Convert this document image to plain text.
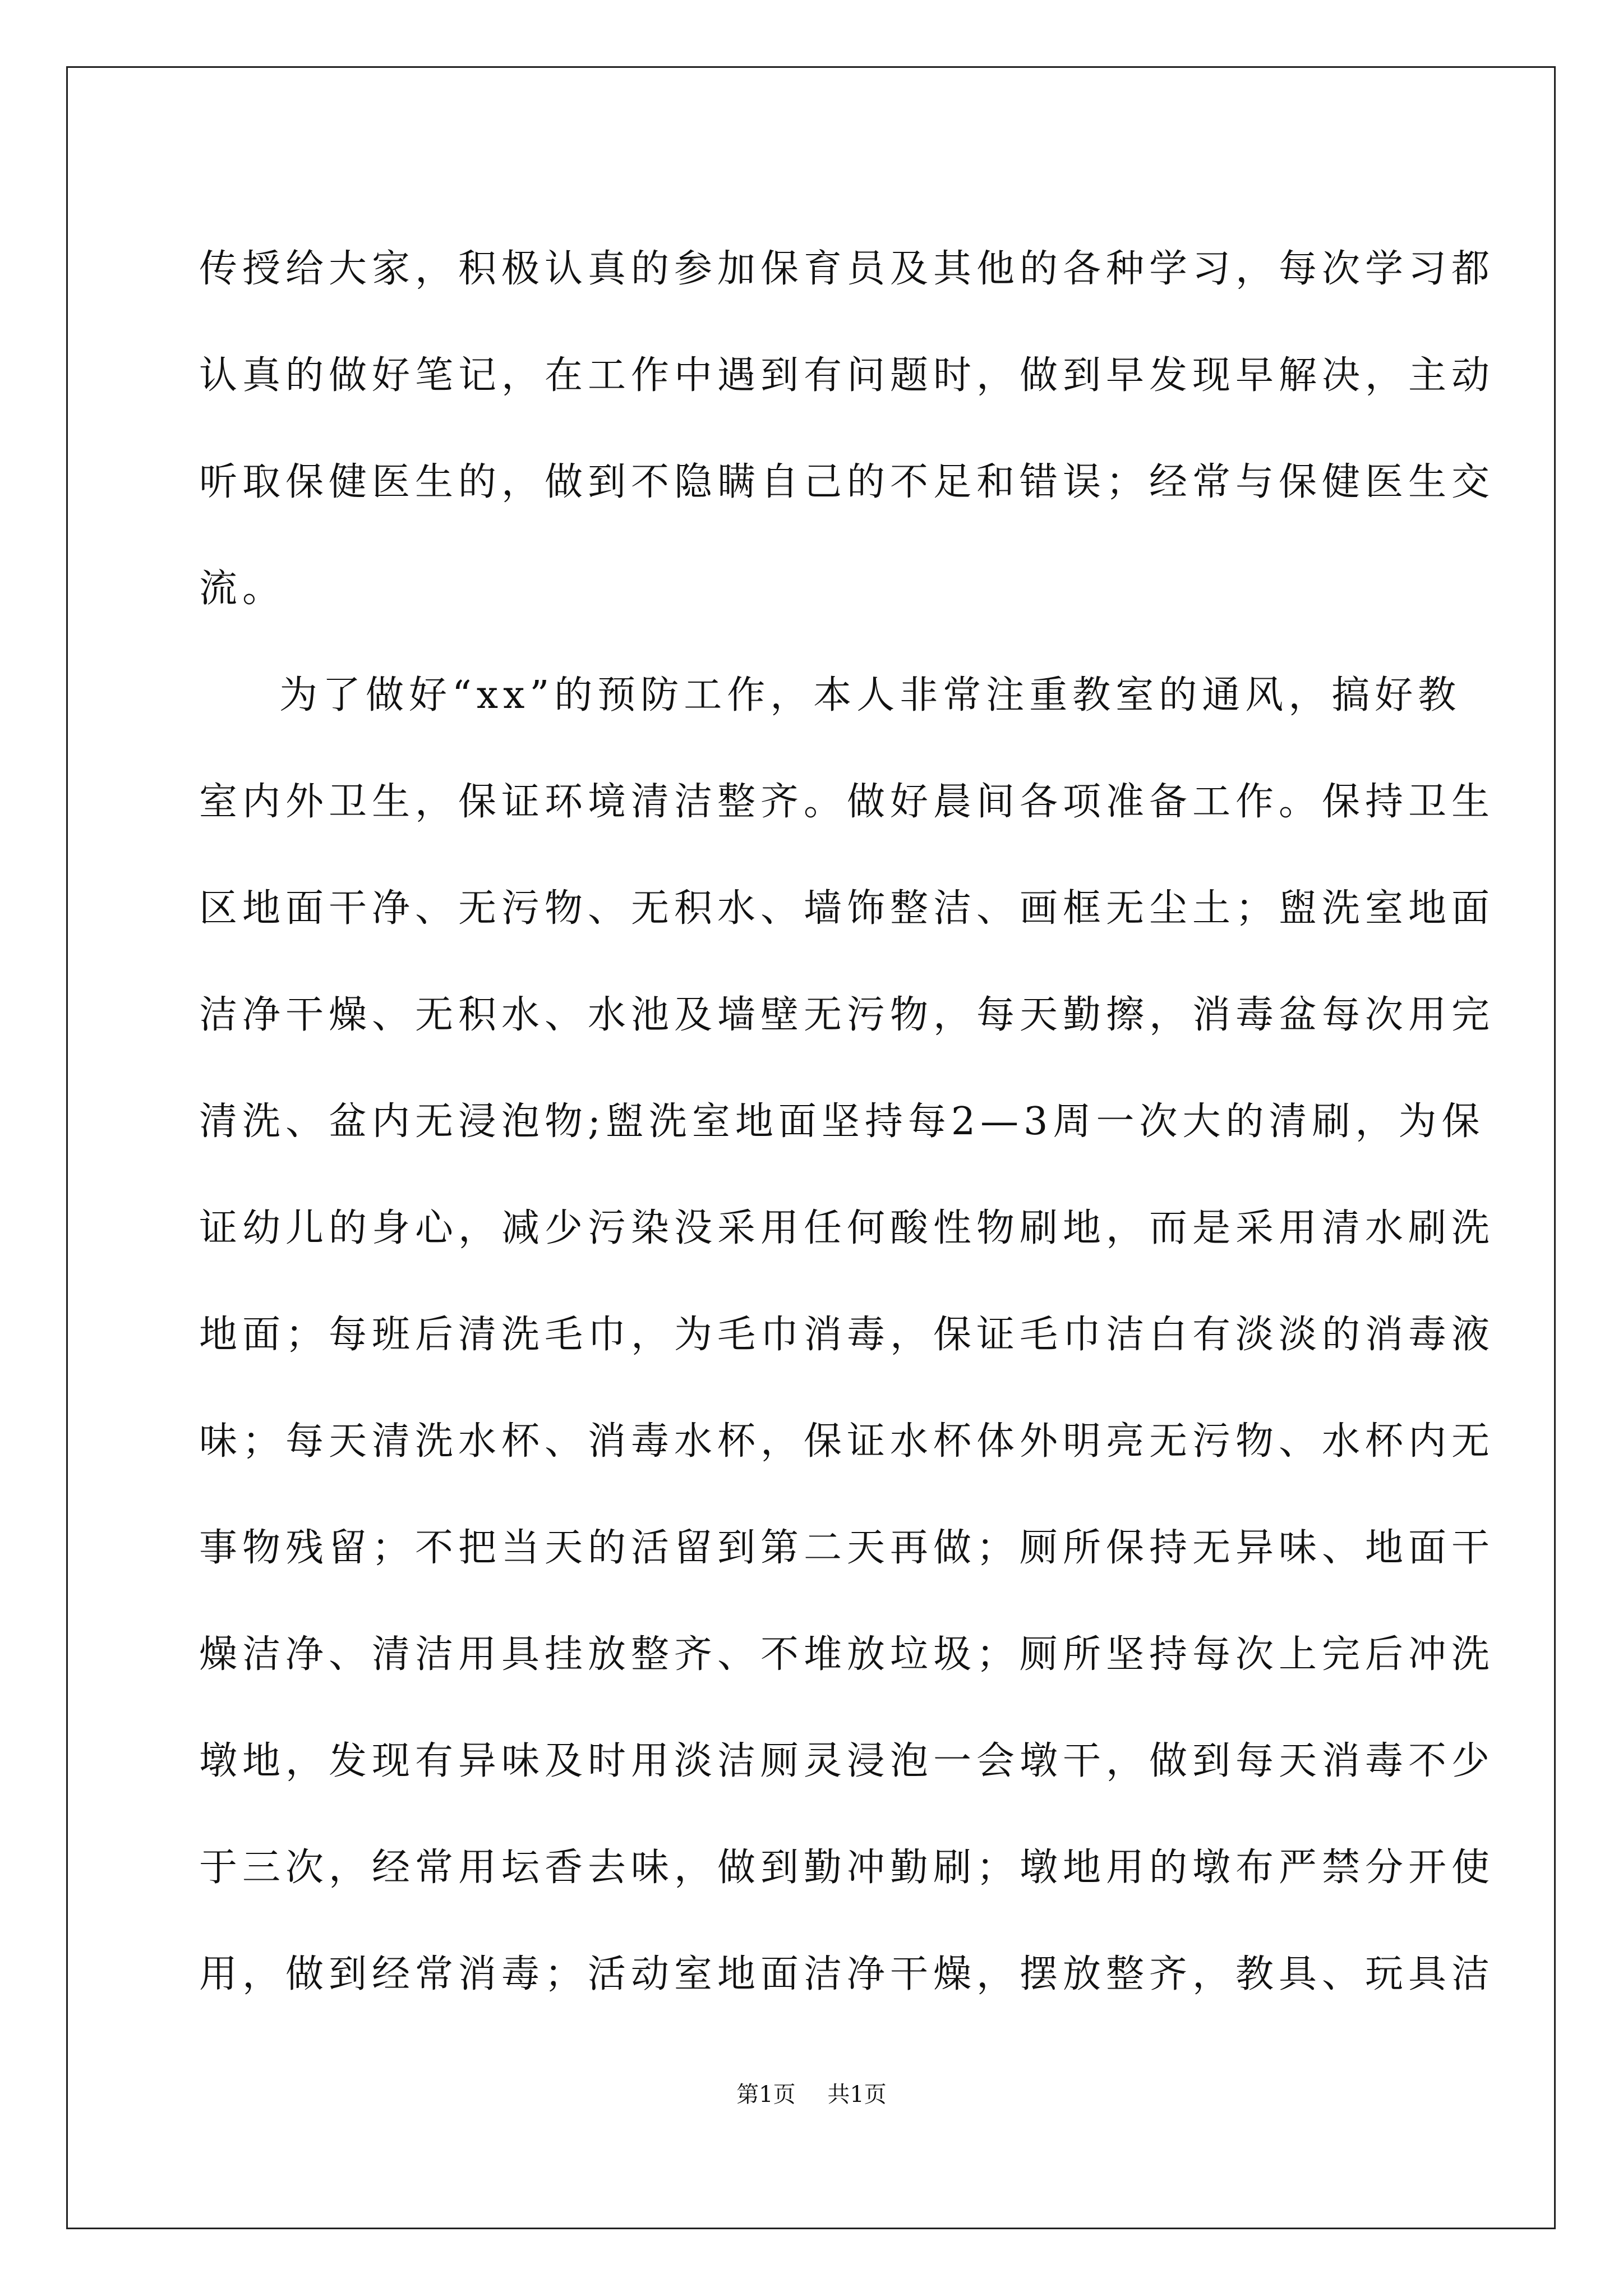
传授给大家，积极认真的参加保育员及其他的各种学习，每次学习都
认真的做好笔记，在工作中遇到有问题时，做到早发现早解决，主动
听取保健医生的，做到不隐瞒自己的不足和错误；经常与保健医生交
流。
为了做好“xx”的预防工作，本人非常注重教室的通风，搞好教
室内外卫生，保证环境清洁整齐。做好晨间各项准备工作。保持卫生
区地面干净、无污物、无积水、墙饰整洁、画框无尘土；盥洗室地面
洁净干燥、无积水、水池及墙壁无污物，每天勤擦，消毒盆每次用完
清洗、盆内无浸泡物;盥洗室地面坚持每2—3周一次大的清刷，为保
证幼儿的身心，减少污染没采用任何酸性物刷地，而是采用清水刷洗
地面；每班后清洗毛巾，为毛巾消毒，保证毛巾洁白有淡淡的消毒液
味；每天清洗水杯、消毒水杯，保证水杯体外明亮无污物、水杯内无
事物残留；不把当天的活留到第二天再做；厕所保持无异味、地面干
燥洁净、清洁用具挂放整齐、不堆放垃圾；厕所坚持每次上完后冲洗
墩地，发现有异味及时用淡洁厕灵浸泡一会墩干，做到每天消毒不少
于三次，经常用坛香去味，做到勤冲勤刷；墩地用的墩布严禁分开使
用，做到经常消毒；活动室地面洁净干燥，摆放整齐，教具、玩具洁
第1页 共1页
